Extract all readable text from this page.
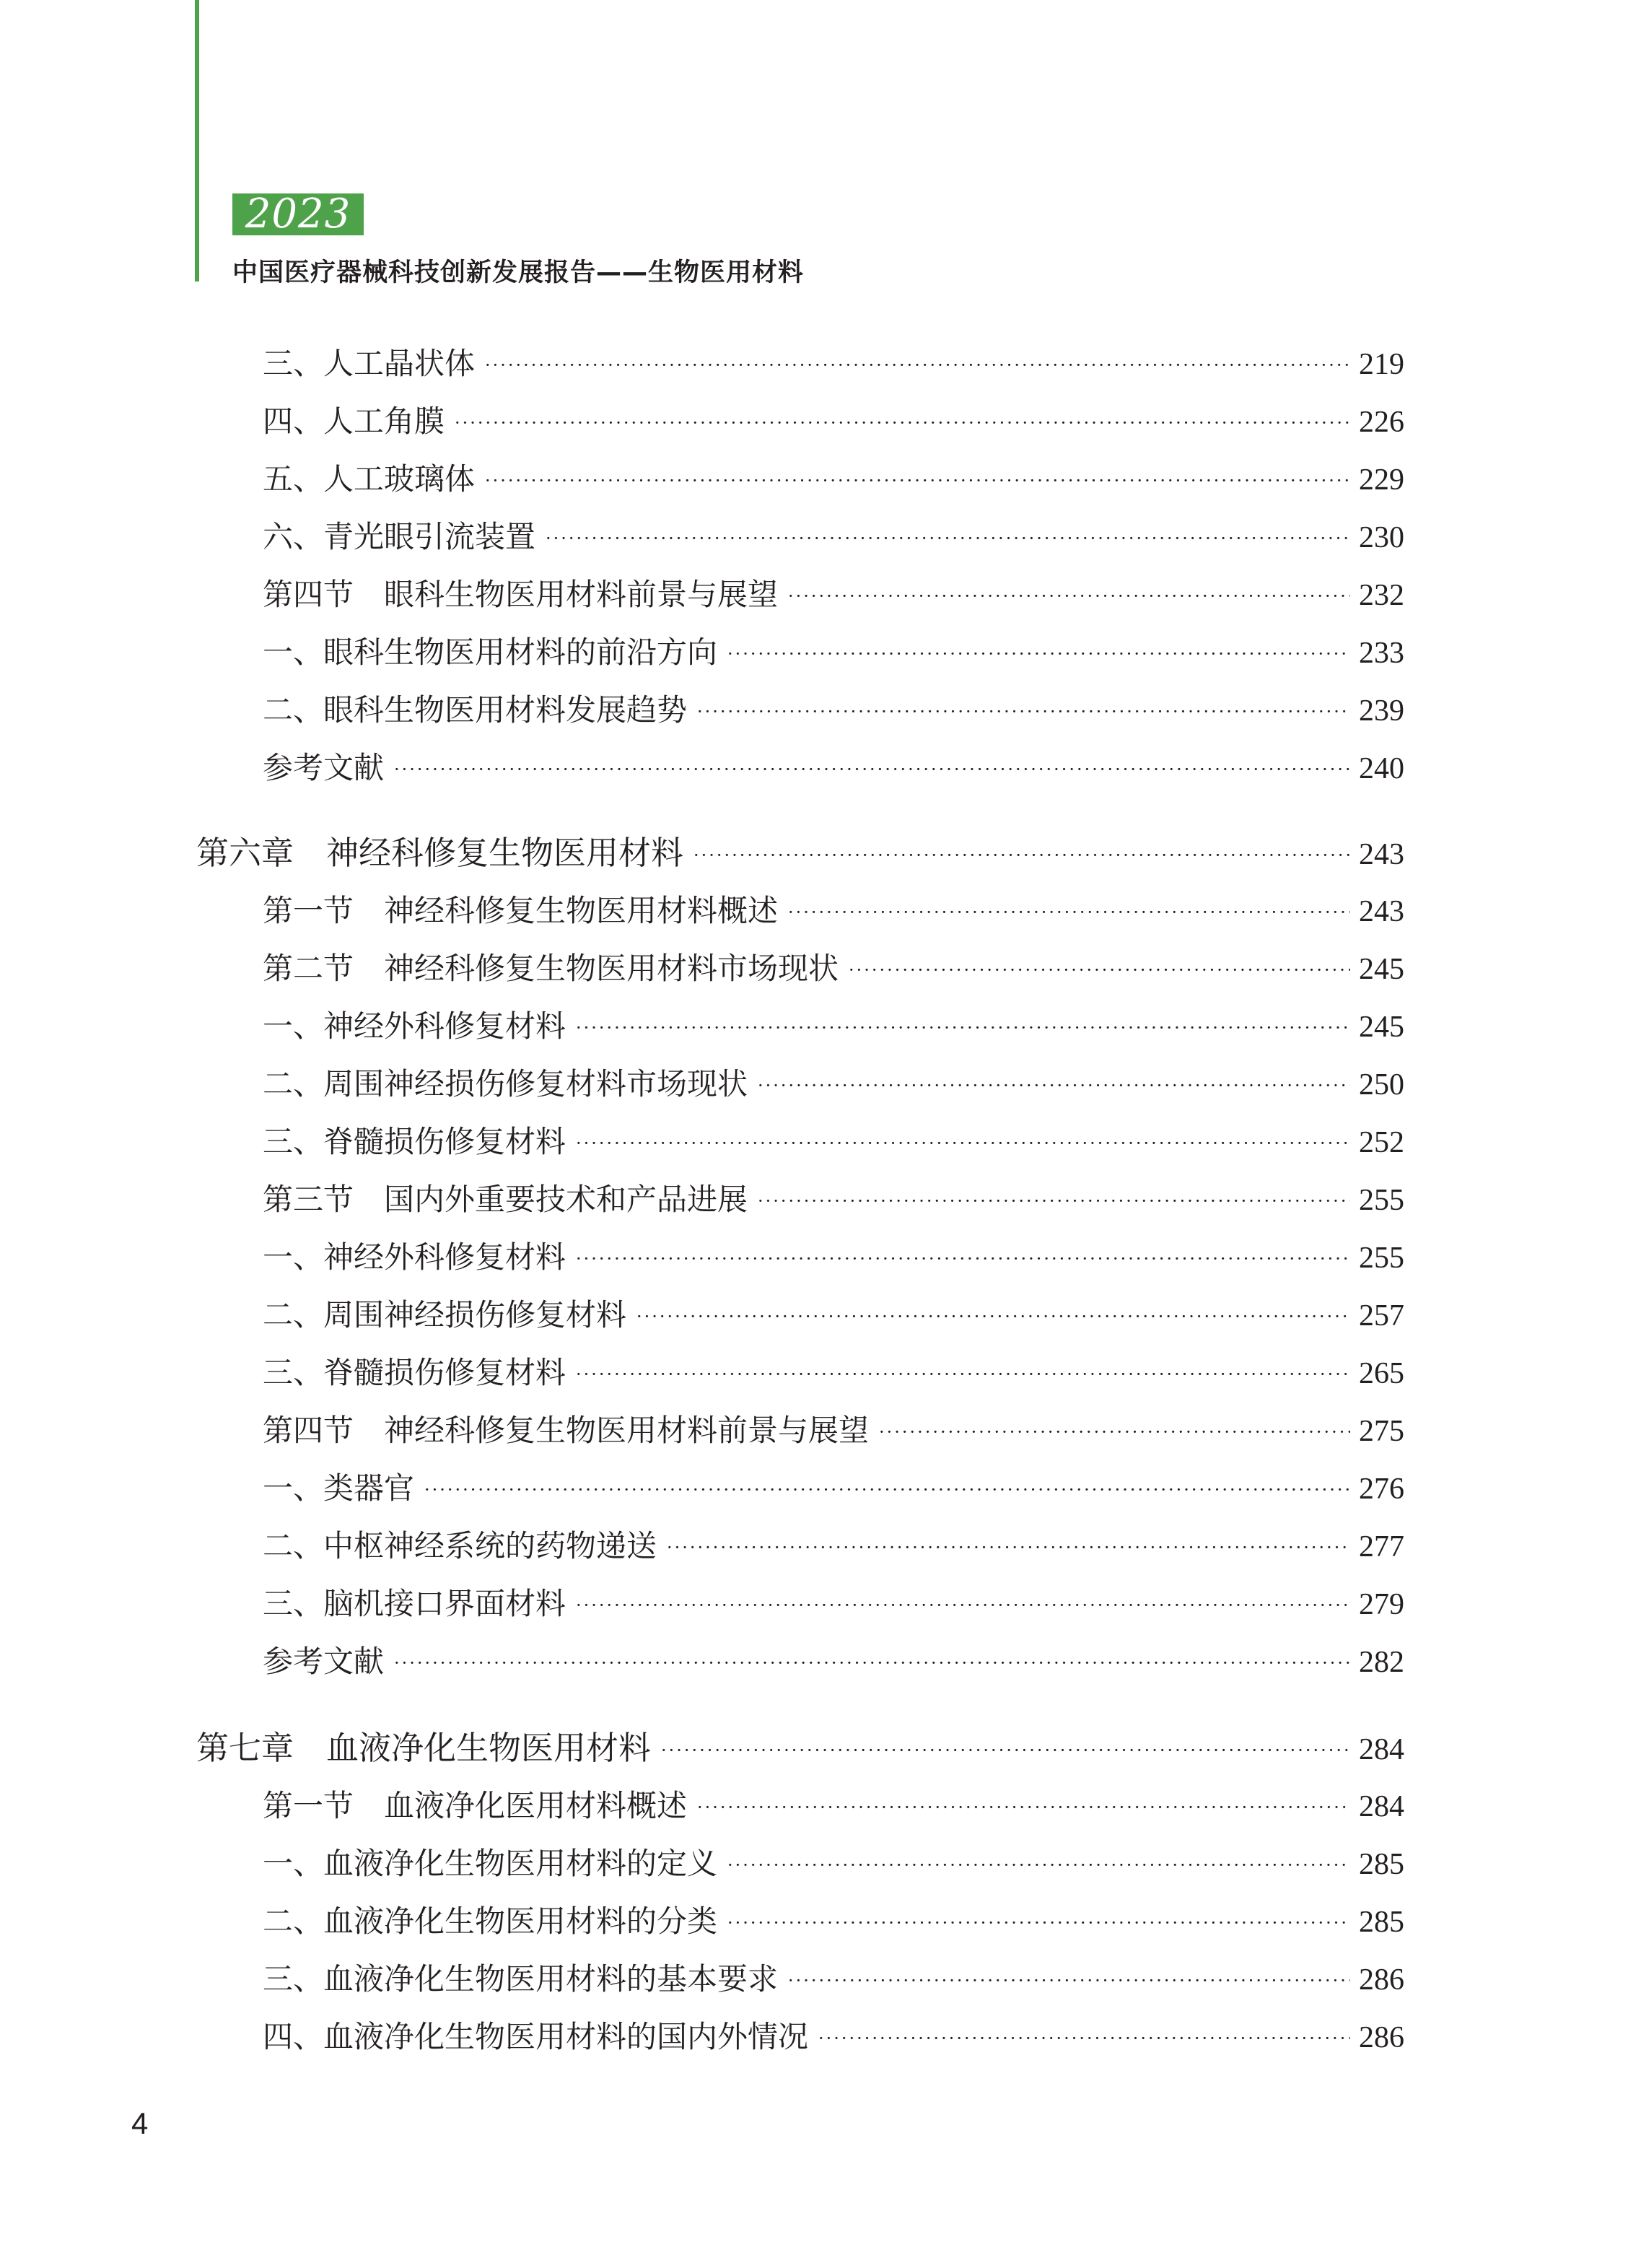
2023
中国医疗器械科技创新发展报告——生物医用材料
三、人工晶状体 ·····	219
四、人工角膜 ·····	226
五、人工玻璃体 ·····	229
六、青光眼引流装置 ·····	230
第四节　眼科生物医用材料前景与展望 ·····	232
一、眼科生物医用材料的前沿方向 ·····	233
二、眼科生物医用材料发展趋势 ·····	239
参考文献 ·····	240
第六章　神经科修复生物医用材料 ·····	243
第一节　神经科修复生物医用材料概述 ·····	243
第二节　神经科修复生物医用材料市场现状 ·····	245
一、神经外科修复材料 ·····	245
二、周围神经损伤修复材料市场现状 ·····	250
三、脊髓损伤修复材料 ·····	252
第三节　国内外重要技术和产品进展 ·····	255
一、神经外科修复材料 ·····	255
二、周围神经损伤修复材料 ·····	257
三、脊髓损伤修复材料 ·····	265
第四节　神经科修复生物医用材料前景与展望 ·····	275
一、类器官 ·····	276
二、中枢神经系统的药物递送 ·····	277
三、脑机接口界面材料 ·····	279
参考文献 ·····	282
第七章　血液净化生物医用材料 ·····	284
第一节　血液净化医用材料概述 ·····	284
一、血液净化生物医用材料的定义 ·····	285
二、血液净化生物医用材料的分类 ·····	285
三、血液净化生物医用材料的基本要求 ·····	286
四、血液净化生物医用材料的国内外情况 ·····	286
4
